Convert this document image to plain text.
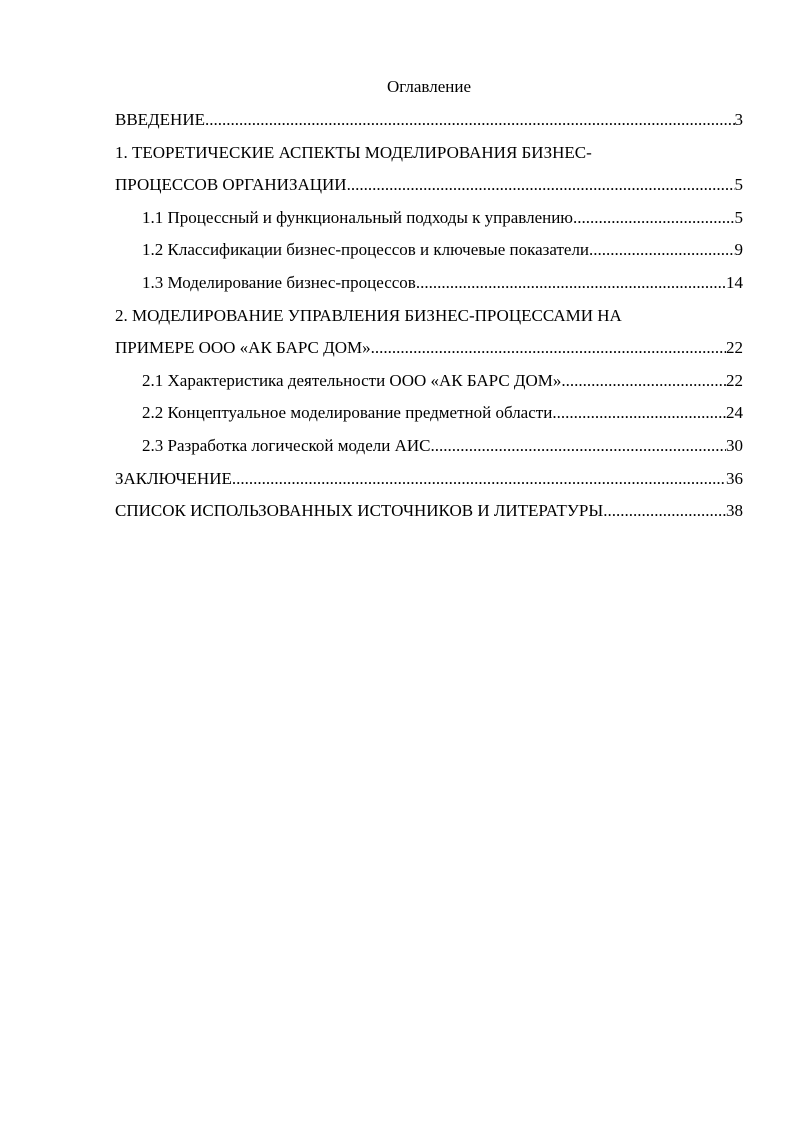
Оглавление
ВВЕДЕНИЕ .....	3
1. ТЕОРЕТИЧЕСКИЕ АСПЕКТЫ МОДЕЛИРОВАНИЯ БИЗНЕС-
ПРОЦЕССОВ ОРГАНИЗАЦИИ .....	5
1.1 Процессный и функциональный подходы к управлению .....	5
1.2 Классификации бизнес-процессов и ключевые показатели .....	9
1.3 Моделирование бизнес-процессов .....	14
2. МОДЕЛИРОВАНИЕ УПРАВЛЕНИЯ БИЗНЕС-ПРОЦЕССАМИ НА
ПРИМЕРЕ ООО «АК БАРС ДОМ» .....	22
2.1 Характеристика деятельности ООО «АК БАРС ДОМ» .....	22
2.2 Концептуальное моделирование предметной области .....	24
2.3 Разработка логической модели АИС .....	30
ЗАКЛЮЧЕНИЕ .....	36
СПИСОК ИСПОЛЬЗОВАННЫХ ИСТОЧНИКОВ И ЛИТЕРАТУРЫ .....	38
